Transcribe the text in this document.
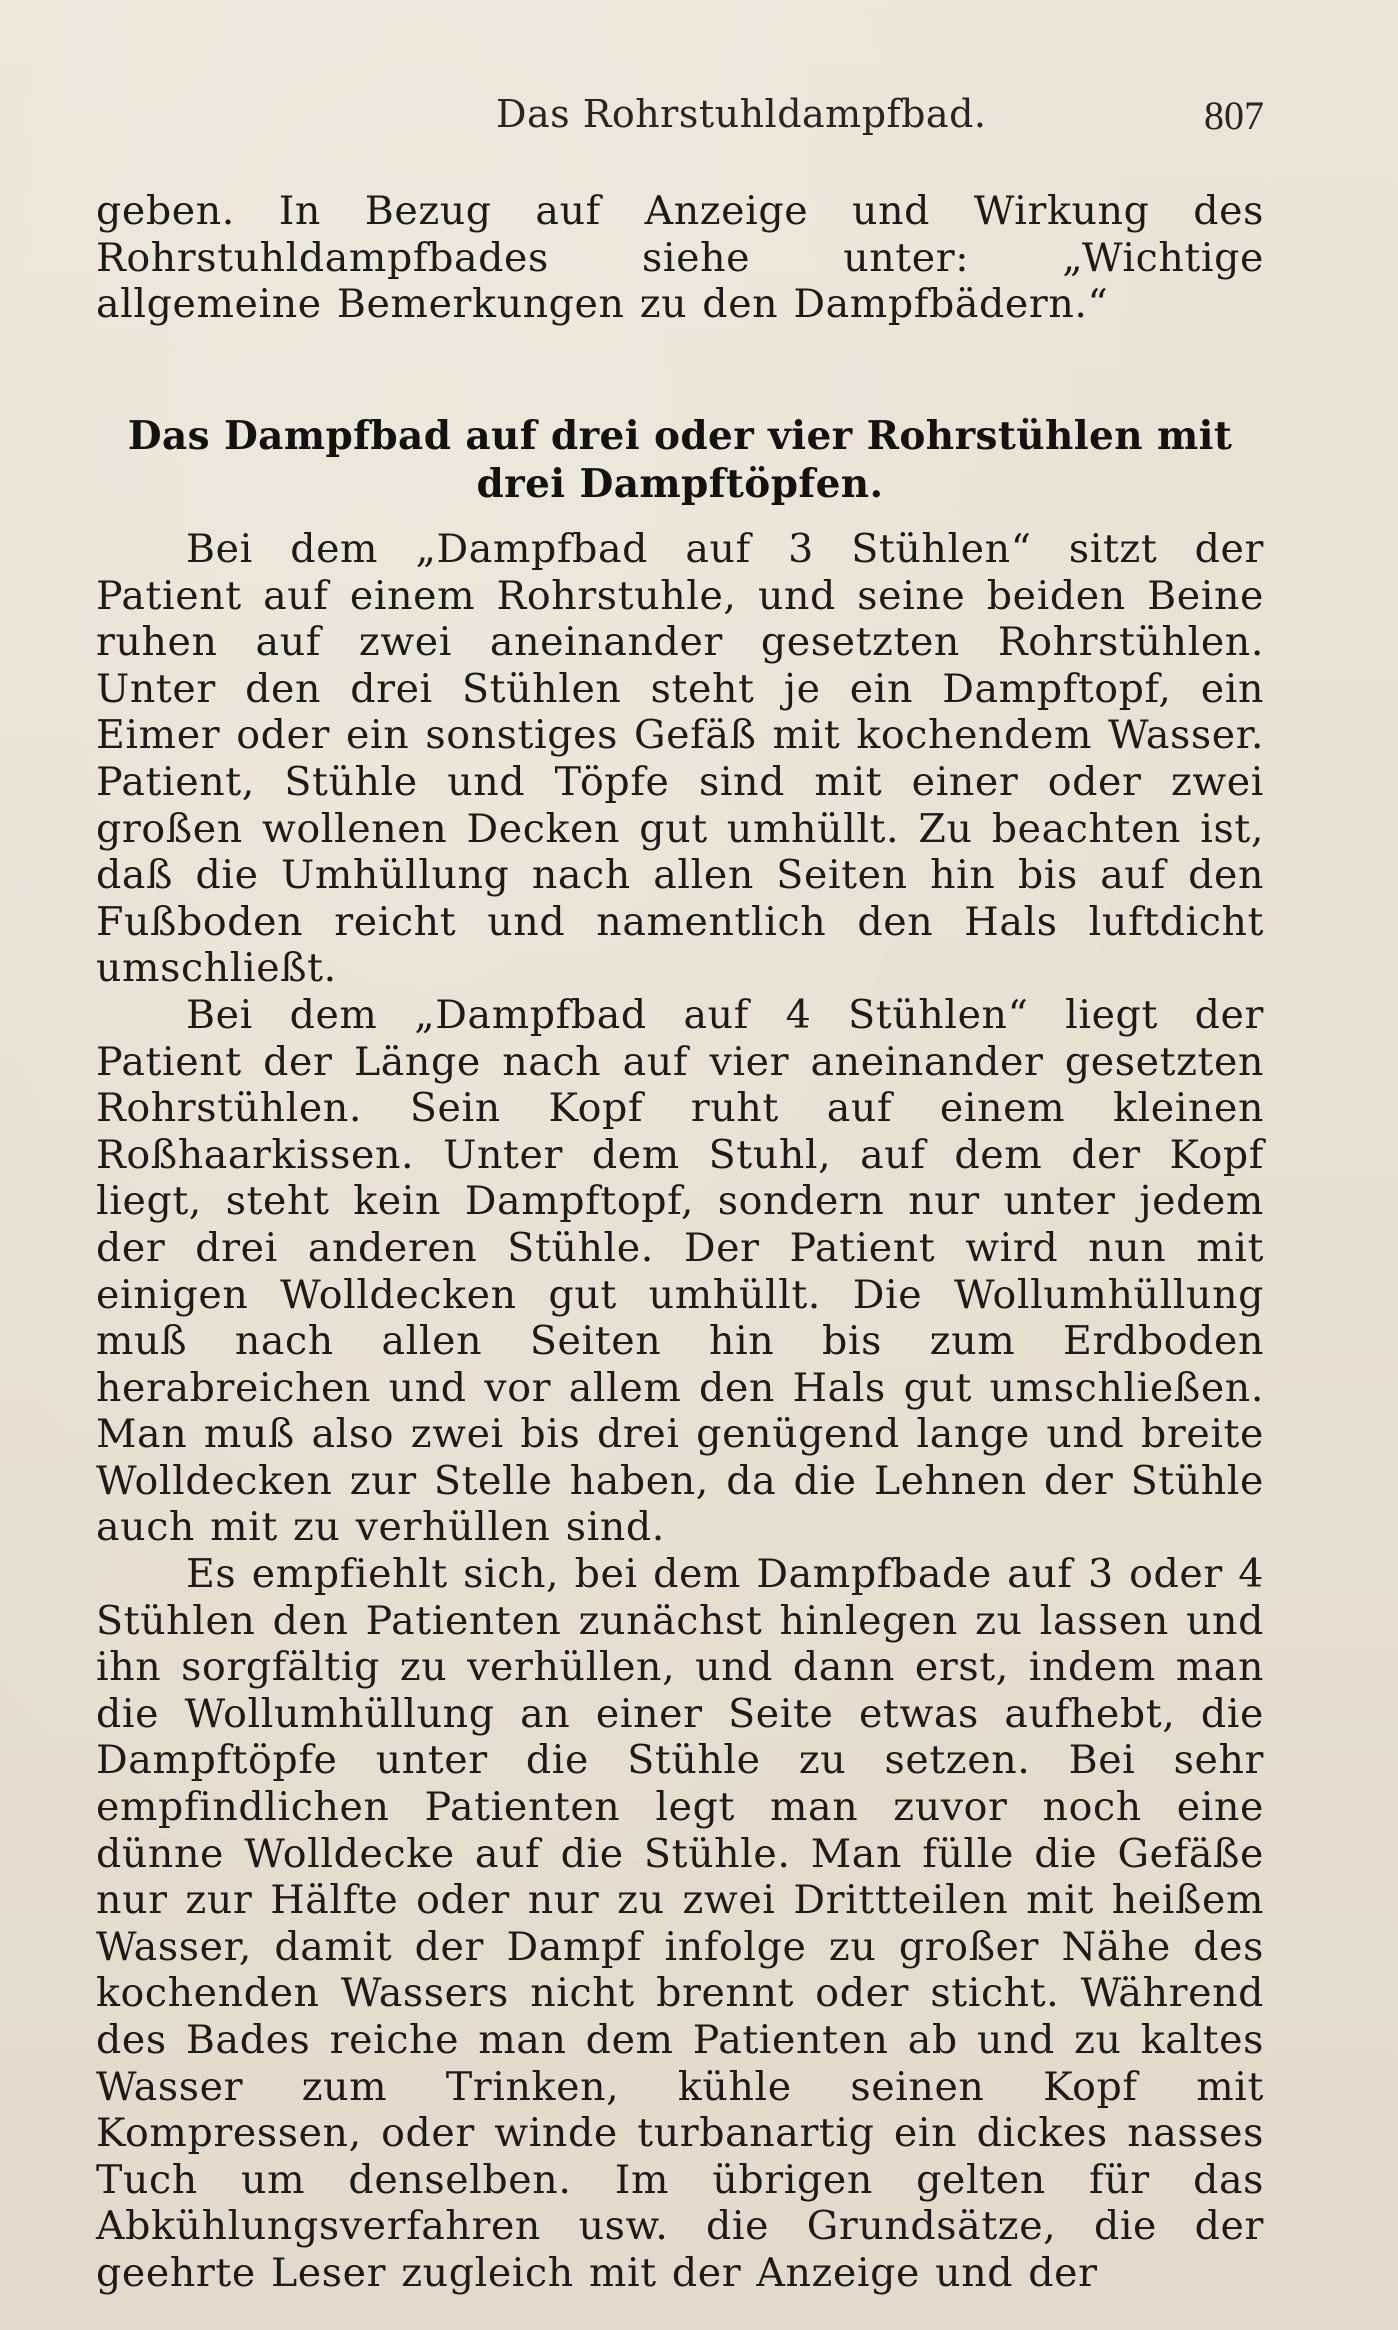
Das Rohrstuhldampfbad.	807

geben. In Bezug auf Anzeige und Wirkung des Rohrstuhldampfbades siehe unter: „Wichtige allgemeine Bemerkungen zu den Dampfbädern.“

Das Dampfbad auf drei oder vier Rohrstühlen mit drei Dampftöpfen.

Bei dem „Dampfbad auf 3 Stühlen“ sitzt der Patient auf einem Rohrstuhle, und seine beiden Beine ruhen auf zwei aneinander gesetzten Rohrstühlen. Unter den drei Stühlen steht je ein Dampftopf, ein Eimer oder ein sonstiges Gefäß mit kochendem Wasser. Patient, Stühle und Töpfe sind mit einer oder zwei großen wollenen Decken gut umhüllt. Zu beachten ist, daß die Umhüllung nach allen Seiten hin bis auf den Fußboden reicht und namentlich den Hals luftdicht umschließt.

Bei dem „Dampfbad auf 4 Stühlen“ liegt der Patient der Länge nach auf vier aneinander gesetzten Rohrstühlen. Sein Kopf ruht auf einem kleinen Roßhaarkissen. Unter dem Stuhl, auf dem der Kopf liegt, steht kein Dampftopf, sondern nur unter jedem der drei anderen Stühle. Der Patient wird nun mit einigen Wolldecken gut umhüllt. Die Wollumhüllung muß nach allen Seiten hin bis zum Erdboden herabreichen und vor allem den Hals gut umschließen. Man muß also zwei bis drei genügend lange und breite Wolldecken zur Stelle haben, da die Lehnen der Stühle auch mit zu verhüllen sind.

Es empfiehlt sich, bei dem Dampfbade auf 3 oder 4 Stühlen den Patienten zunächst hinlegen zu lassen und ihn sorgfältig zu verhüllen, und dann erst, indem man die Wollumhüllung an einer Seite etwas aufhebt, die Dampftöpfe unter die Stühle zu setzen. Bei sehr empfindlichen Patienten legt man zuvor noch eine dünne Wolldecke auf die Stühle. Man fülle die Gefäße nur zur Hälfte oder nur zu zwei Drittteilen mit heißem Wasser, damit der Dampf infolge zu großer Nähe des kochenden Wassers nicht brennt oder sticht. Während des Bades reiche man dem Patienten ab und zu kaltes Wasser zum Trinken, kühle seinen Kopf mit Kompressen, oder winde turbanartig ein dickes nasses Tuch um denselben. Im übrigen gelten für das Abkühlungsverfahren usw. die Grundsätze, die der geehrte Leser zugleich mit der Anzeige und der
